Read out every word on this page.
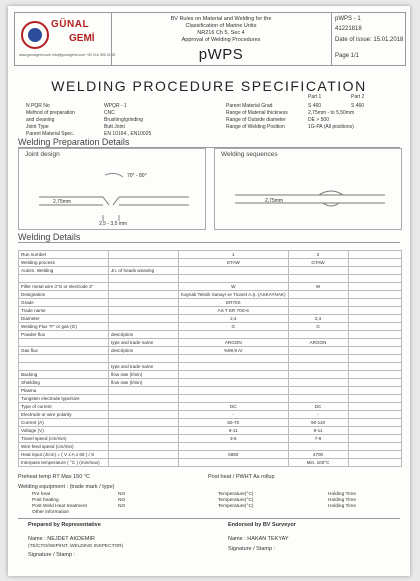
GÜNAL
GEMİ
www.gunalgemi.com info@gunalgemi.com +90 216 395 15 15
BV Rules on Material and Welding for the
Classification of Marine Units
NR216 Ch 5, Sec 4
Approval of Welding Procedures
pWPS
pWPS - 1
41221818
Date of issue: 15.01.2018
Page 1/1
WELDING PROCEDURE SPECIFICATION
N PQR No	WPQR - 1
Method of preparation	CNC
and cleaning	Brushing/grinding
Joint Type	Butt Joint
Parent Material Spec.	EN 10164 , EN10025
Part 1	Part 2
Parent Material Grad	S 460	S 460
Range of Material thickness	2,75mm - to 5,50mm
Range of Outside diameter	DE > 500
Range of Welding Position	1G-PA (All positions)
Welding Preparation Details
Joint design
70° - 80°
2,75mm
2,5 - 3,5 mm
Welding sequences
2,75mm
Welding Details
Run number		1	2	
Welding process		GTAW	GTAW	
Autom. Welding	Jn. of heads weaving			

Filler metal wire 3"G or electrode 3"		W	W	
Designation		Kaynak Teknik Sanayi ve Ticaret A.Ş. (ASKAYNAK)		
Grade		ER70S		
Trade name		AS T ER 70S-6		
Diameter		2,4	2,4	
Welding Flux "F" or gas (G)		G	G	
Powder flux	description			
	type and trade name	ARGON	ARGON	
Gas flux	description	%99,9 Ar		

	type and trade name			
Backing	flow rate (l/min)			
Shielding	flow rate (l/min)			
Plasma				
Tungsten electrode type/size				
Type of current		DC	DC	
Electrode or wire polarity		-	-	
Current (A)		50-70	90-110	
Voltage (V)		9-11	9-11	
Travel speed (cm/min)		3-5	7-9	
Wire feed speed (cm/min)				
Heat input (J/cm) = ( V x A x 60 ) / S		5880	4700	
Interpass temperature ( °C ) (min/max)			Min. 100°C	
Preheat temp RT Max 150 °C	Post heat / PWHT As rollup
Welding equipment : (trade mark / type)
Pre heat	NO	Temperature(°C)	Holding Time
Post heating	NO	Temperature(°C)	Holding Time
Post Weld Heat treatment	NO	Temperature(°C)	Holding Time
Other information
Prepared by Representative	Endorsed by BV Surveyor
Name : NEJDET AKDEMIR
(TE/CTO/IWIP/INT. WELDING INSPECTOR)
Signature / Stamp :
Name : HAKAN TEKYAY
Signature / Stamp :
